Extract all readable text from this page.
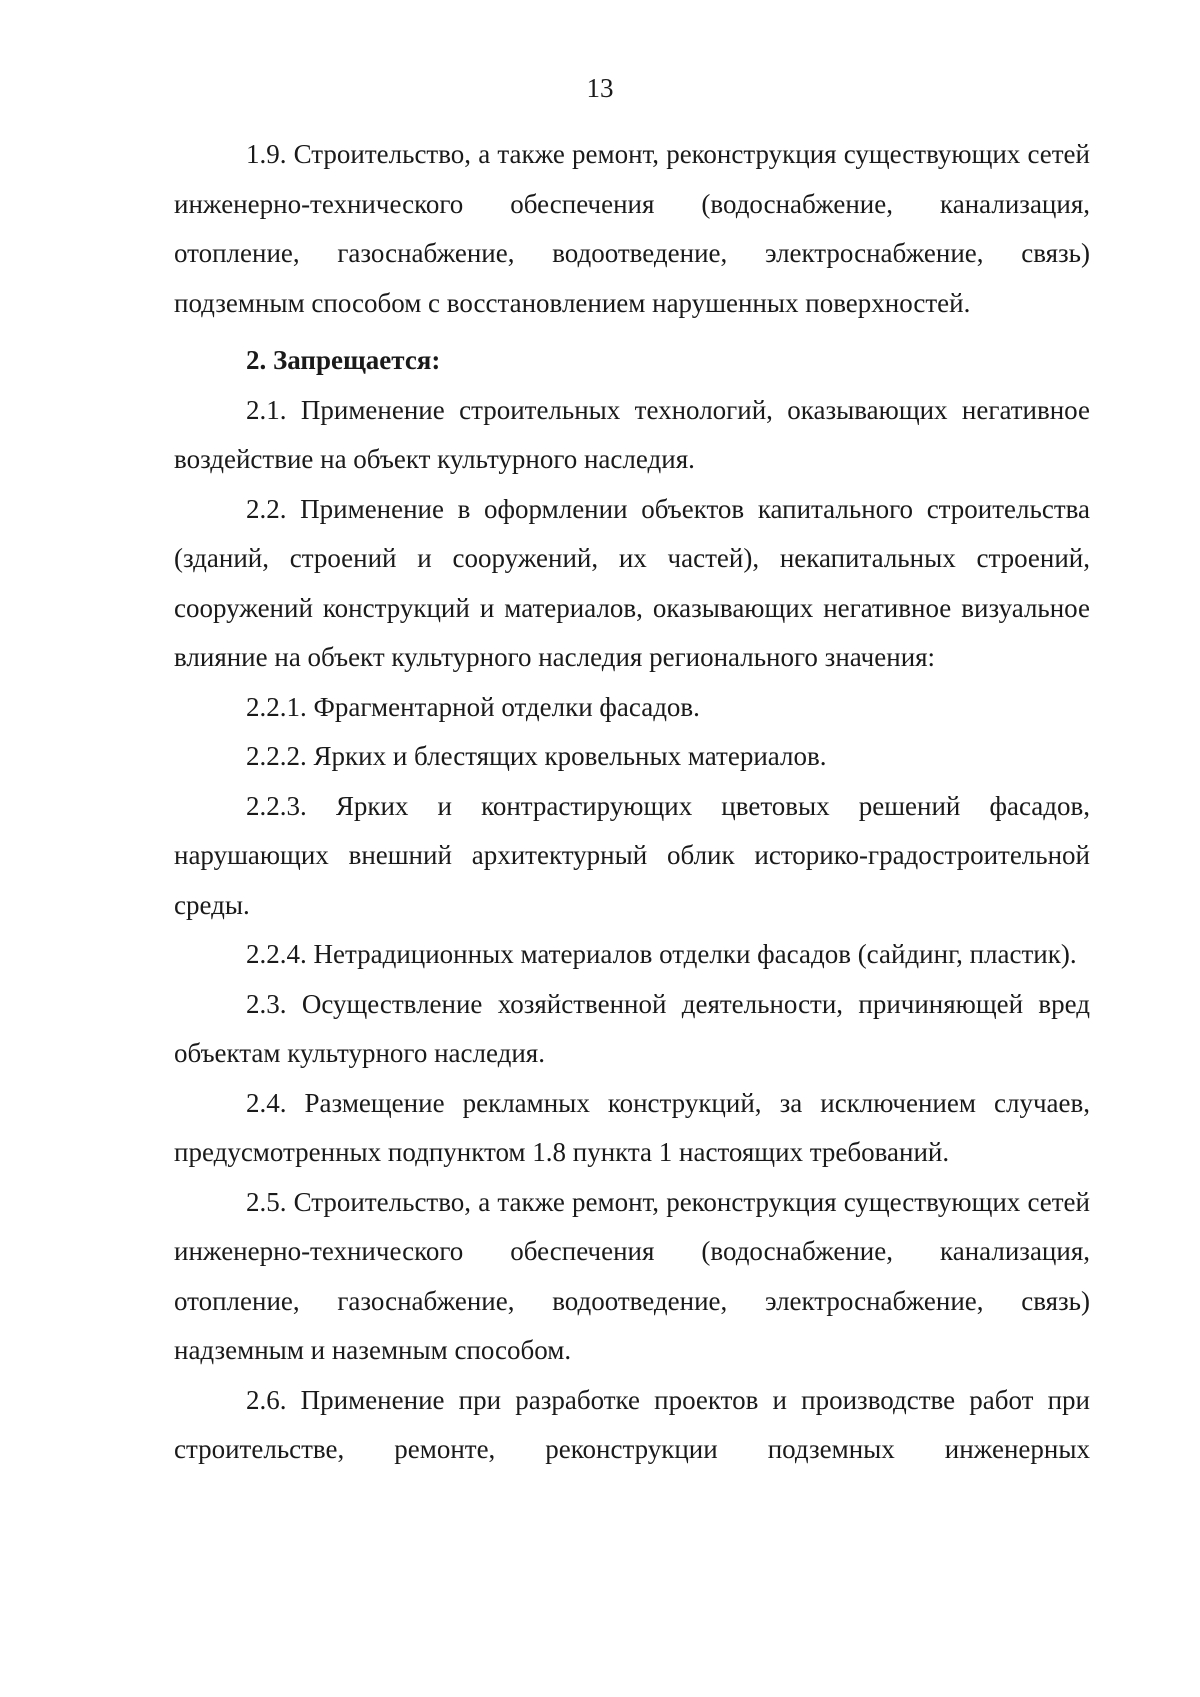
13

1.9. Строительство, а также ремонт, реконструкция существующих сетей инженерно-технического обеспечения (водоснабжение, канализация, отопление, газоснабжение, водоотведение, электроснабжение, связь) подземным способом с восстановлением нарушенных поверхностей.

2. Запрещается:

2.1. Применение строительных технологий, оказывающих негативное воздействие на объект культурного наследия.

2.2. Применение в оформлении объектов капитального строительства (зданий, строений и сооружений, их частей), некапитальных строений, сооружений конструкций и материалов, оказывающих негативное визуальное влияние на объект культурного наследия регионального значения:

2.2.1. Фрагментарной отделки фасадов.

2.2.2. Ярких и блестящих кровельных материалов.

2.2.3. Ярких и контрастирующих цветовых решений фасадов, нарушающих внешний архитектурный облик историко-градостроительной среды.

2.2.4. Нетрадиционных материалов отделки фасадов (сайдинг, пластик).

2.3. Осуществление хозяйственной деятельности, причиняющей вред объектам культурного наследия.

2.4. Размещение рекламных конструкций, за исключением случаев, предусмотренных подпунктом 1.8 пункта 1 настоящих требований.

2.5. Строительство, а также ремонт, реконструкция существующих сетей инженерно-технического обеспечения (водоснабжение, канализация, отопление, газоснабжение, водоотведение, электроснабжение, связь) надземным и наземным способом.

2.6. Применение при разработке проектов и производстве работ при строительстве, ремонте, реконструкции подземных инженерных
